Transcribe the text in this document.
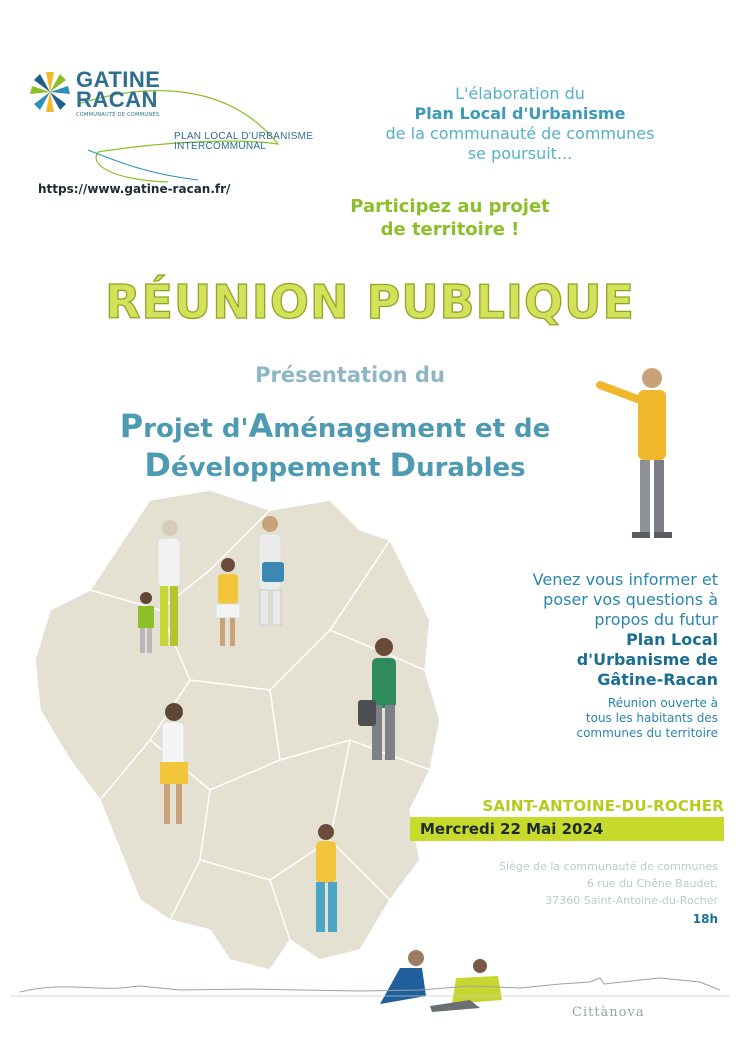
GATINE
RACAN
COMMUNAUTÉ DE COMMUNES
PLAN LOCAL D'URBANISME
INTERCOMMUNAL
https://www.gatine-racan.fr/
L'élaboration du
Plan Local d'Urbanisme
de la communauté de communes
se poursuit...
Participez au projet
de territoire !
RÉUNION PUBLIQUE
Présentation du
Projet d'Aménagement et de
Développement Durables
Venez vous informer et
poser vos questions à
propos du futur
Plan Local
d'Urbanisme de
Gâtine-Racan
Réunion ouverte à
tous les habitants des
communes du territoire
SAINT-ANTOINE-DU-ROCHER
Mercredi 22 Mai 2024
Siège de la communauté de communes
6 rue du Chêne Baudet,
37360 Saint-Antoine-du-Rocher
18h
Cittànova
